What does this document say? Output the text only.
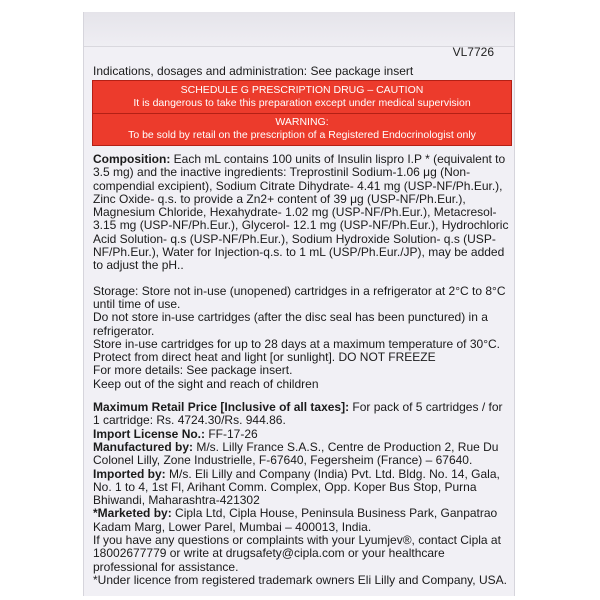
VL7726
Indications, dosages and administration: See package insert
SCHEDULE G PRESCRIPTION DRUG – CAUTION
It is dangerous to take this preparation except under medical supervision
WARNING:
To be sold by retail on the prescription of a Registered Endocrinologist only

Composition: Each mL contains 100 units of Insulin lispro I.P * (equivalent to 3.5 mg) and the inactive ingredients: Treprostinil Sodium-1.06 μg (Non-compendial excipient), Sodium Citrate Dihydrate- 4.41 mg (USP-NF/Ph.Eur.), Zinc Oxide- q.s. to provide a Zn2+ content of 39 μg (USP-NF/Ph.Eur.), Magnesium Chloride, Hexahydrate- 1.02 mg (USP-NF/Ph.Eur.), Metacresol- 3.15 mg (USP-NF/Ph.Eur.), Glycerol- 12.1 mg (USP-NF/Ph.Eur.), Hydrochloric Acid Solution- q.s (USP-NF/Ph.Eur.), Sodium Hydroxide Solution- q.s (USP-NF/Ph.Eur.), Water for Injection-q.s. to 1 mL (USP/Ph.Eur./JP), may be added to adjust the pH..

Storage: Store not in-use (unopened) cartridges in a refrigerator at 2°C to 8°C until time of use.

Do not store in-use cartridges (after the disc seal has been punctured) in a refrigerator.

Store in-use cartridges for up to 28 days at a maximum temperature of 30°C.

Protect from direct heat and light [or sunlight]. DO NOT FREEZE

For more details: See package insert.

Keep out of the sight and reach of children

Maximum Retail Price [Inclusive of all taxes]: For pack of 5 cartridges / for 1 cartridge: Rs. 4724.30/Rs. 944.86.

Import License No.: FF-17-26

Manufactured by: M/s. Lilly France S.A.S., Centre de Production 2, Rue Du Colonel Lilly, Zone Industrielle, F-67640, Fegersheim (France) – 67640.

Imported by: M/s. Eli Lilly and Company (India) Pvt. Ltd. Bldg. No. 14, Gala, No. 1 to 4, 1st Fl, Arihant Comm. Complex, Opp. Koper Bus Stop, Purna Bhiwandi, Maharashtra-421302

*Marketed by: Cipla Ltd, Cipla House, Peninsula Business Park, Ganpatrao Kadam Marg, Lower Parel, Mumbai – 400013, India.

If you have any questions or complaints with your Lyumjev®, contact Cipla at 18002677779 or write at drugsafety@cipla.com or your healthcare professional for assistance.

*Under licence from registered trademark owners Eli Lilly and Company, USA.
